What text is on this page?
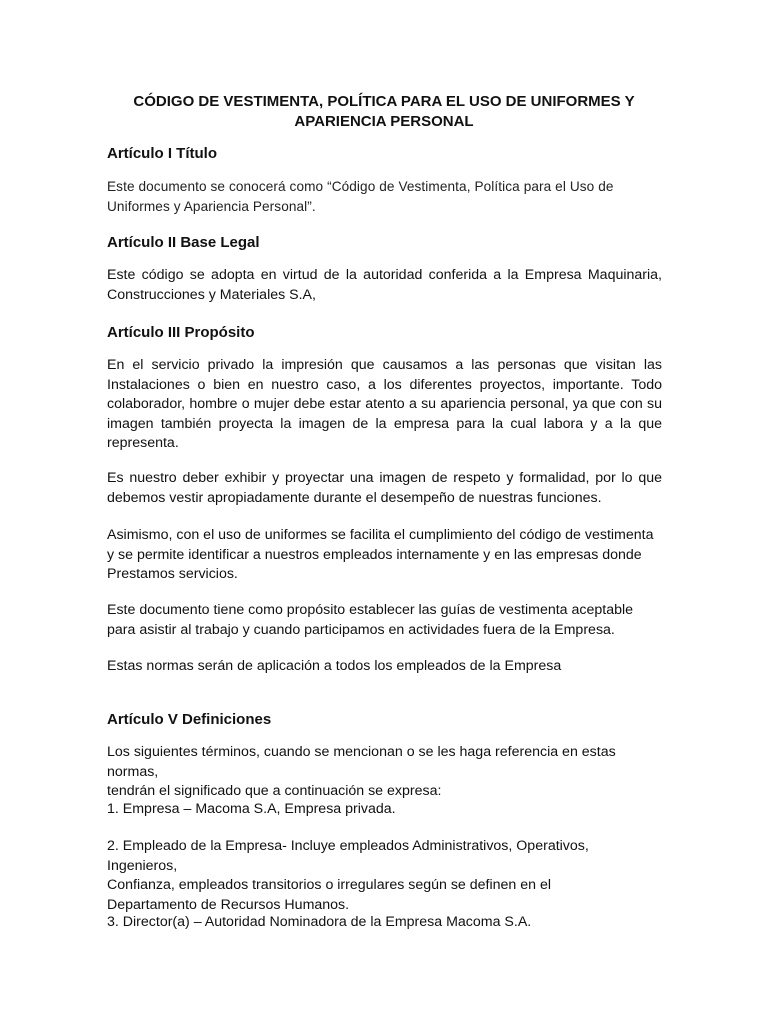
CÓDIGO DE VESTIMENTA, POLÍTICA PARA EL USO DE UNIFORMES Y
APARIENCIA PERSONAL
Artículo I Título

Este documento se conocerá como “Código de Vestimenta, Política para el Uso de Uniformes y Apariencia Personal”.

Artículo II Base Legal

Este código se adopta en virtud de la autoridad conferida a la Empresa Maquinaria, Construcciones y Materiales S.A,

Artículo III Propósito

En el servicio privado la impresión que causamos a las personas que visitan las Instalaciones o bien en nuestro caso, a los diferentes proyectos, importante. Todo colaborador, hombre o mujer debe estar atento a su apariencia personal, ya que con su imagen también proyecta la imagen de la empresa para la cual labora y a la que representa.

Es nuestro deber exhibir y proyectar una imagen de respeto y formalidad, por lo que debemos vestir apropiadamente durante el desempeño de nuestras funciones.

Asimismo, con el uso de uniformes se facilita el cumplimiento del código de vestimenta
y se permite identificar a nuestros empleados internamente y en las empresas donde
Prestamos servicios.

Este documento tiene como propósito establecer las guías de vestimenta aceptable
para asistir al trabajo y cuando participamos en actividades fuera de la Empresa.

Estas normas serán de aplicación a todos los empleados de la Empresa

Artículo V Definiciones

Los siguientes términos, cuando se mencionan o se les haga referencia en estas normas,
tendrán el significado que a continuación se expresa:

1. Empresa – Macoma S.A, Empresa privada.

2. Empleado de la Empresa- Incluye empleados Administrativos, Operativos, Ingenieros,
Confianza, empleados transitorios o irregulares según se definen en el
Departamento de Recursos Humanos.

3. Director(a) – Autoridad Nominadora de la Empresa Macoma S.A.
